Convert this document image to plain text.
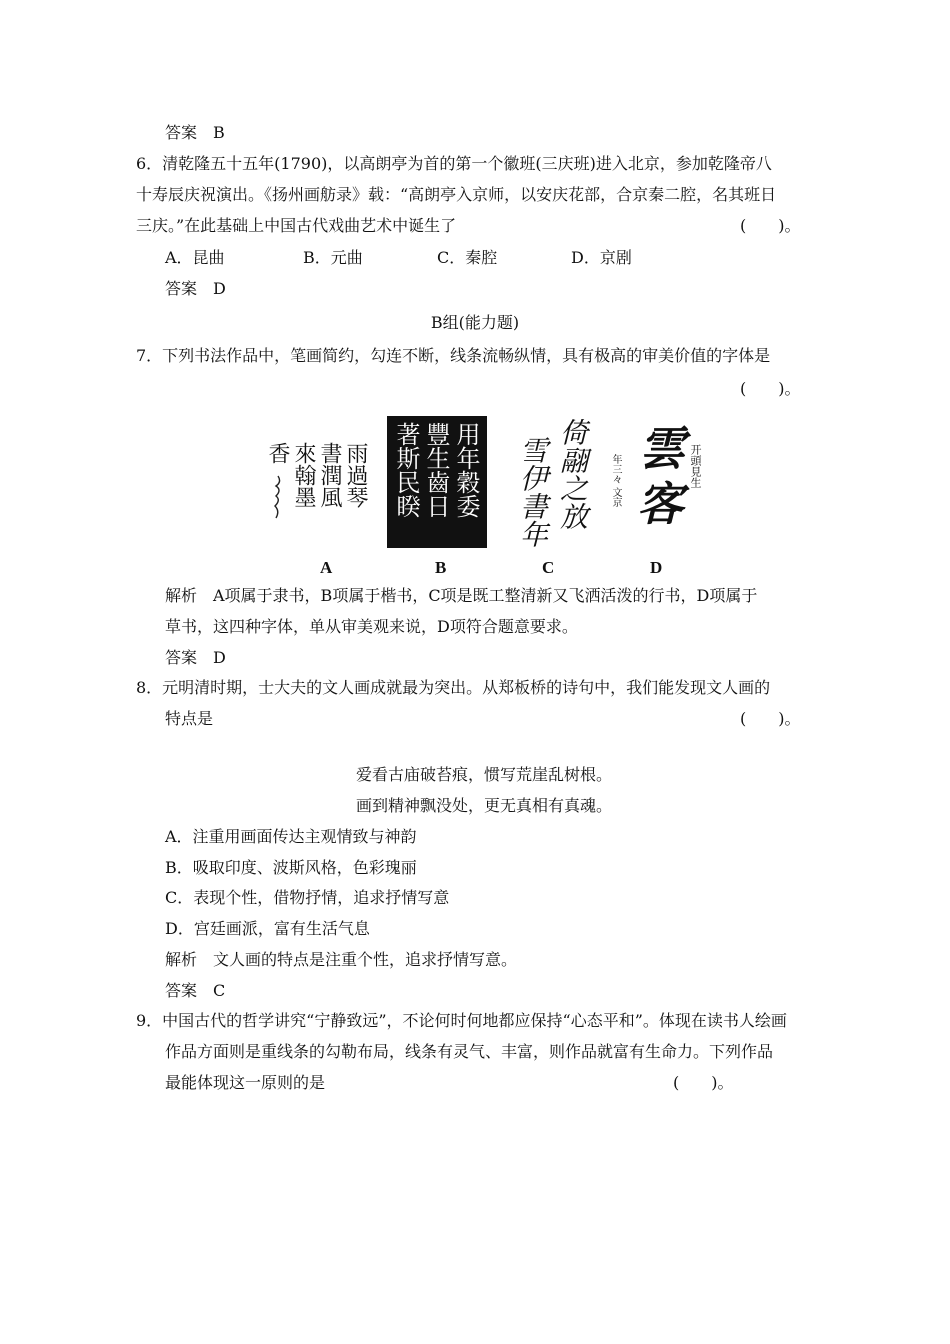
答案　B
6．清乾隆五十五年(1790)，以高朗亭为首的第一个徽班(三庆班)进入北京，参加乾隆帝八
十寿辰庆祝演出。《扬州画舫录》载：“高朗亭入京师，以安庆花部，合京秦二腔，名其班日
三庆。”在此基础上中国古代戏曲艺术中诞生了	(　　)。
A．昆曲	B．元曲	C．秦腔	D．京剧
答案　D
B组(能力题)
7．下列书法作品中，笔画简约，勾连不断，线条流畅纵情，具有极高的审美价值的字体是
(　　)。
雨過琴
書潤風
來翰墨
香	用年穀委
豐生齒日
著斯民睽	倚翮之放
雪伊書年 雲
客
开頭見生
年三々 文京
A	B	C	D
解析　A项属于隶书，B项属于楷书，C项是既工整清新又飞洒活泼的行书，D项属于
草书，这四种字体，单从审美观来说，D项符合题意要求。
答案　D
8．元明清时期，士大夫的文人画成就最为突出。从郑板桥的诗句中，我们能发现文人画的
特点是	(　　)。
爱看古庙破苔痕，惯写荒崖乱树根。
画到精神飘没处，更无真相有真魂。
A．注重用画面传达主观情致与神韵
B．吸取印度、波斯风格，色彩瑰丽
C．表现个性，借物抒情，追求抒情写意
D．宫廷画派，富有生活气息
解析　文人画的特点是注重个性，追求抒情写意。
答案　C
9．中国古代的哲学讲究“宁静致远”，不论何时何地都应保持“心态平和”。体现在读书人绘画
作品方面则是重线条的勾勒布局，线条有灵气、丰富，则作品就富有生命力。下列作品
最能体现这一原则的是	(　　)。
